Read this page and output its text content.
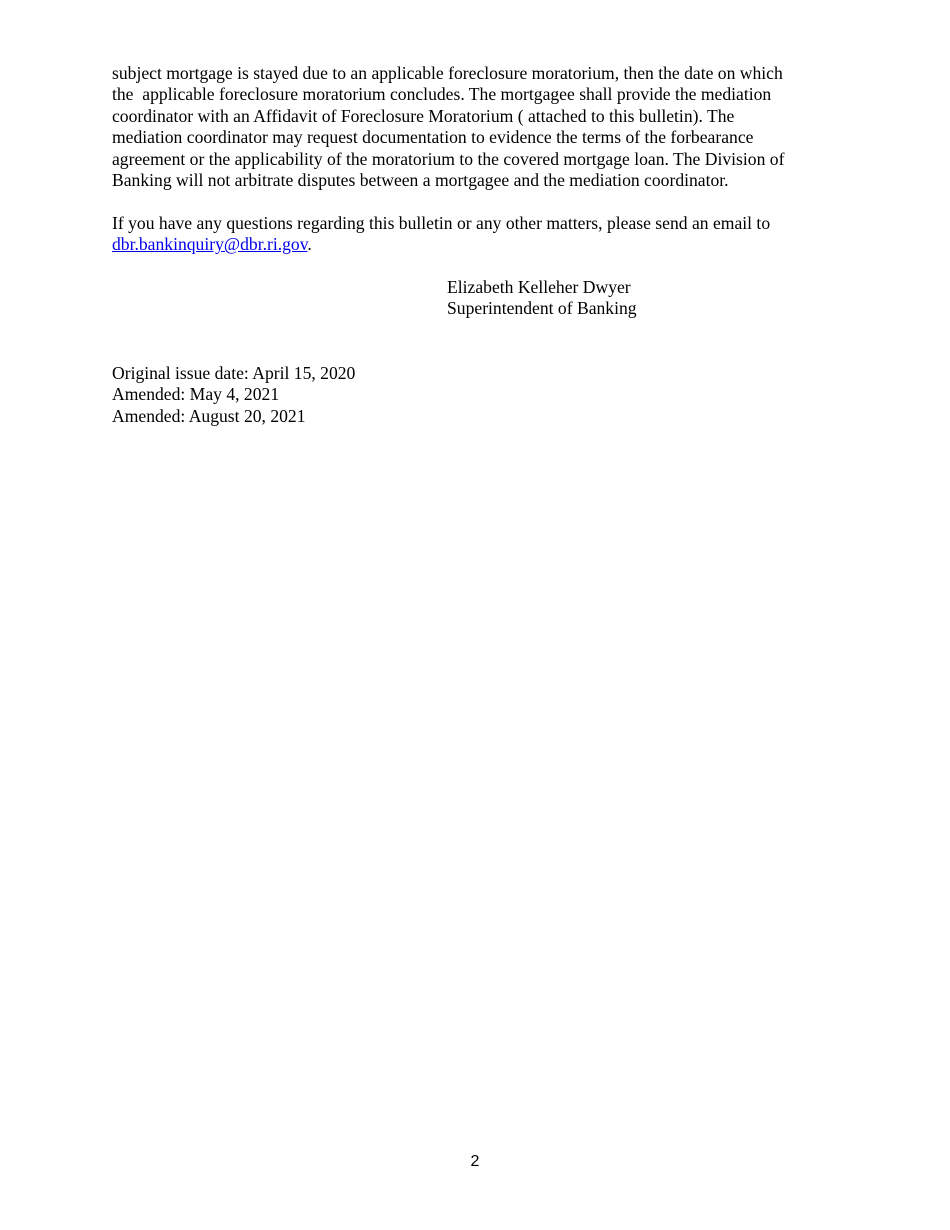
subject mortgage is stayed due to an applicable foreclosure moratorium, then the date on which
the  applicable foreclosure moratorium concludes. The mortgagee shall provide the mediation
coordinator with an Affidavit of Foreclosure Moratorium ( attached to this bulletin). The
mediation coordinator may request documentation to evidence the terms of the forbearance
agreement or the applicability of the moratorium to the covered mortgage loan. The Division of
Banking will not arbitrate disputes between a mortgagee and the mediation coordinator.

If you have any questions regarding this bulletin or any other matters, please send an email to
dbr.bankinquiry@dbr.ri.gov.

Elizabeth Kelleher Dwyer
Superintendent of Banking
Original issue date: April 15, 2020
Amended: May 4, 2021
Amended: August 20, 2021
2
